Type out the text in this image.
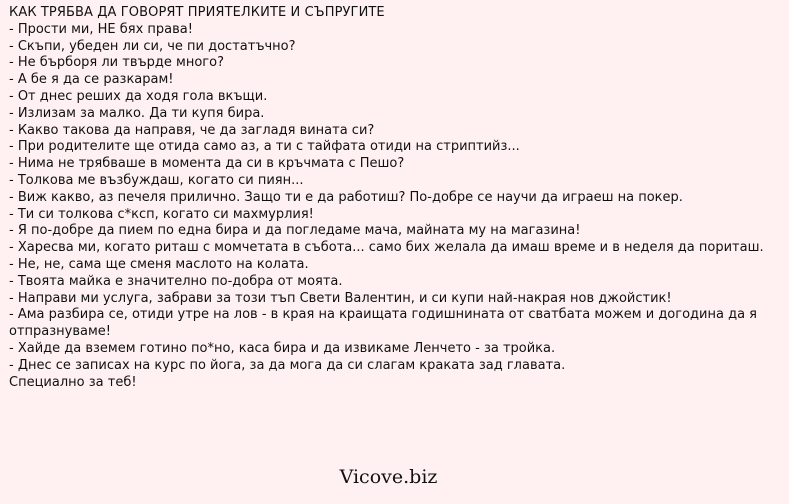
КАК ТРЯБВА ДА ГОВОРЯТ ПРИЯТЕЛКИТЕ И СЪПРУГИТЕ
- Прости ми, НЕ бях права!
- Скъпи, убеден ли си, че пи достатъчно?
- Не бърборя ли твърде много?
- А бе я да се разкарам!
- От днес реших да ходя гола вкъщи.
- Излизам за малко. Да ти купя бира.
- Какво такова да направя, че да загладя вината си?
- При родителите ще отида само аз, а ти с тайфата отиди на стриптийз...
- Нима не трябваше в момента да си в кръчмата с Пешо?
- Толкова ме възбуждаш, когато си пиян...
- Виж какво, аз печеля прилично. Защо ти е да работиш? По-добре се научи да играеш на покер.
- Ти си толкова с*ксп, когато си махмурлия!
- Я по-добре да пием по една бира и да погледаме мача, майната му на магазина!
- Харесва ми, когато риташ с момчетата в събота... само бих желала да имаш време и в неделя да пориташ.
- Не, не, сама ще сменя маслото на колата.
- Твоята майка е значително по-добра от моята.
- Направи ми услуга, забрави за този тъп Свети Валентин, и си купи най-накрая нов джойстик!
- Ама разбира се, отиди утре на лов - в края на краищата годишнината от сватбата можем и догодина да я отпразнуваме!
- Хайде да вземем готино по*но, каса бира и да извикаме Ленчето - за тройка.
- Днес се записах на курс по йога, за да мога да си слагам краката зад главата.
Специално за теб!
Vicove.biz
